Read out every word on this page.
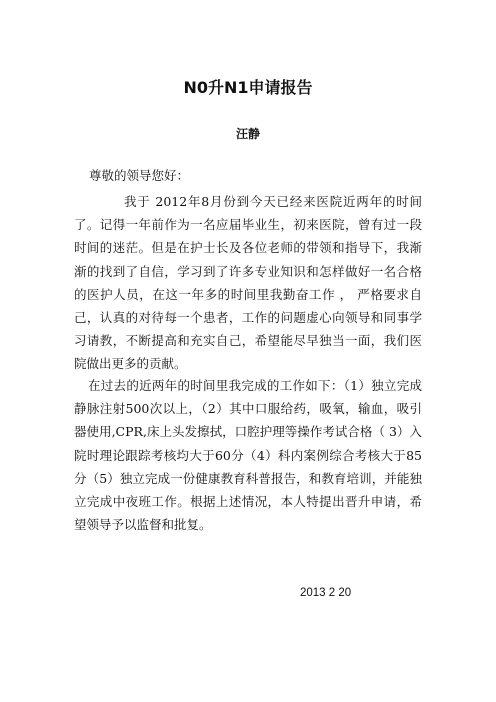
N0升N1申请报告
汪静
尊敬的领导您好：
我于 2012年8月份到今天已经来医院近两年的时间了。记得一年前作为一名应届毕业生，初来医院，曾有过一段时间的迷茫。但是在护士长及各位老师的带领和指导下，我渐渐的找到了自信，学习到了许多专业知识和怎样做好一名合格的医护人员，在这一年多的时间里我勤奋工作 ， 严格要求自己，认真的对待每一个患者，工作的问题虚心向领导和同事学习请教，不断提高和充实自己，希望能尽早独当一面，我们医院做出更多的贡献。
在过去的近两年的时间里我完成的工作如下：（1）独立完成静脉注射500次以上，（2）其中口服给药，吸氧，输血，吸引器使用,CPR,床上头发擦拭，口腔护理等操作考试合格（ 3）入院时理论跟踪考核均大于60分（4）科内案例综合考核大于85分（5）独立完成一份健康教育科普报告，和教育培训，并能独立完成中夜班工作。根据上述情况，本人特提出晋升申请，希望领导予以监督和批复。
2013 2 20
